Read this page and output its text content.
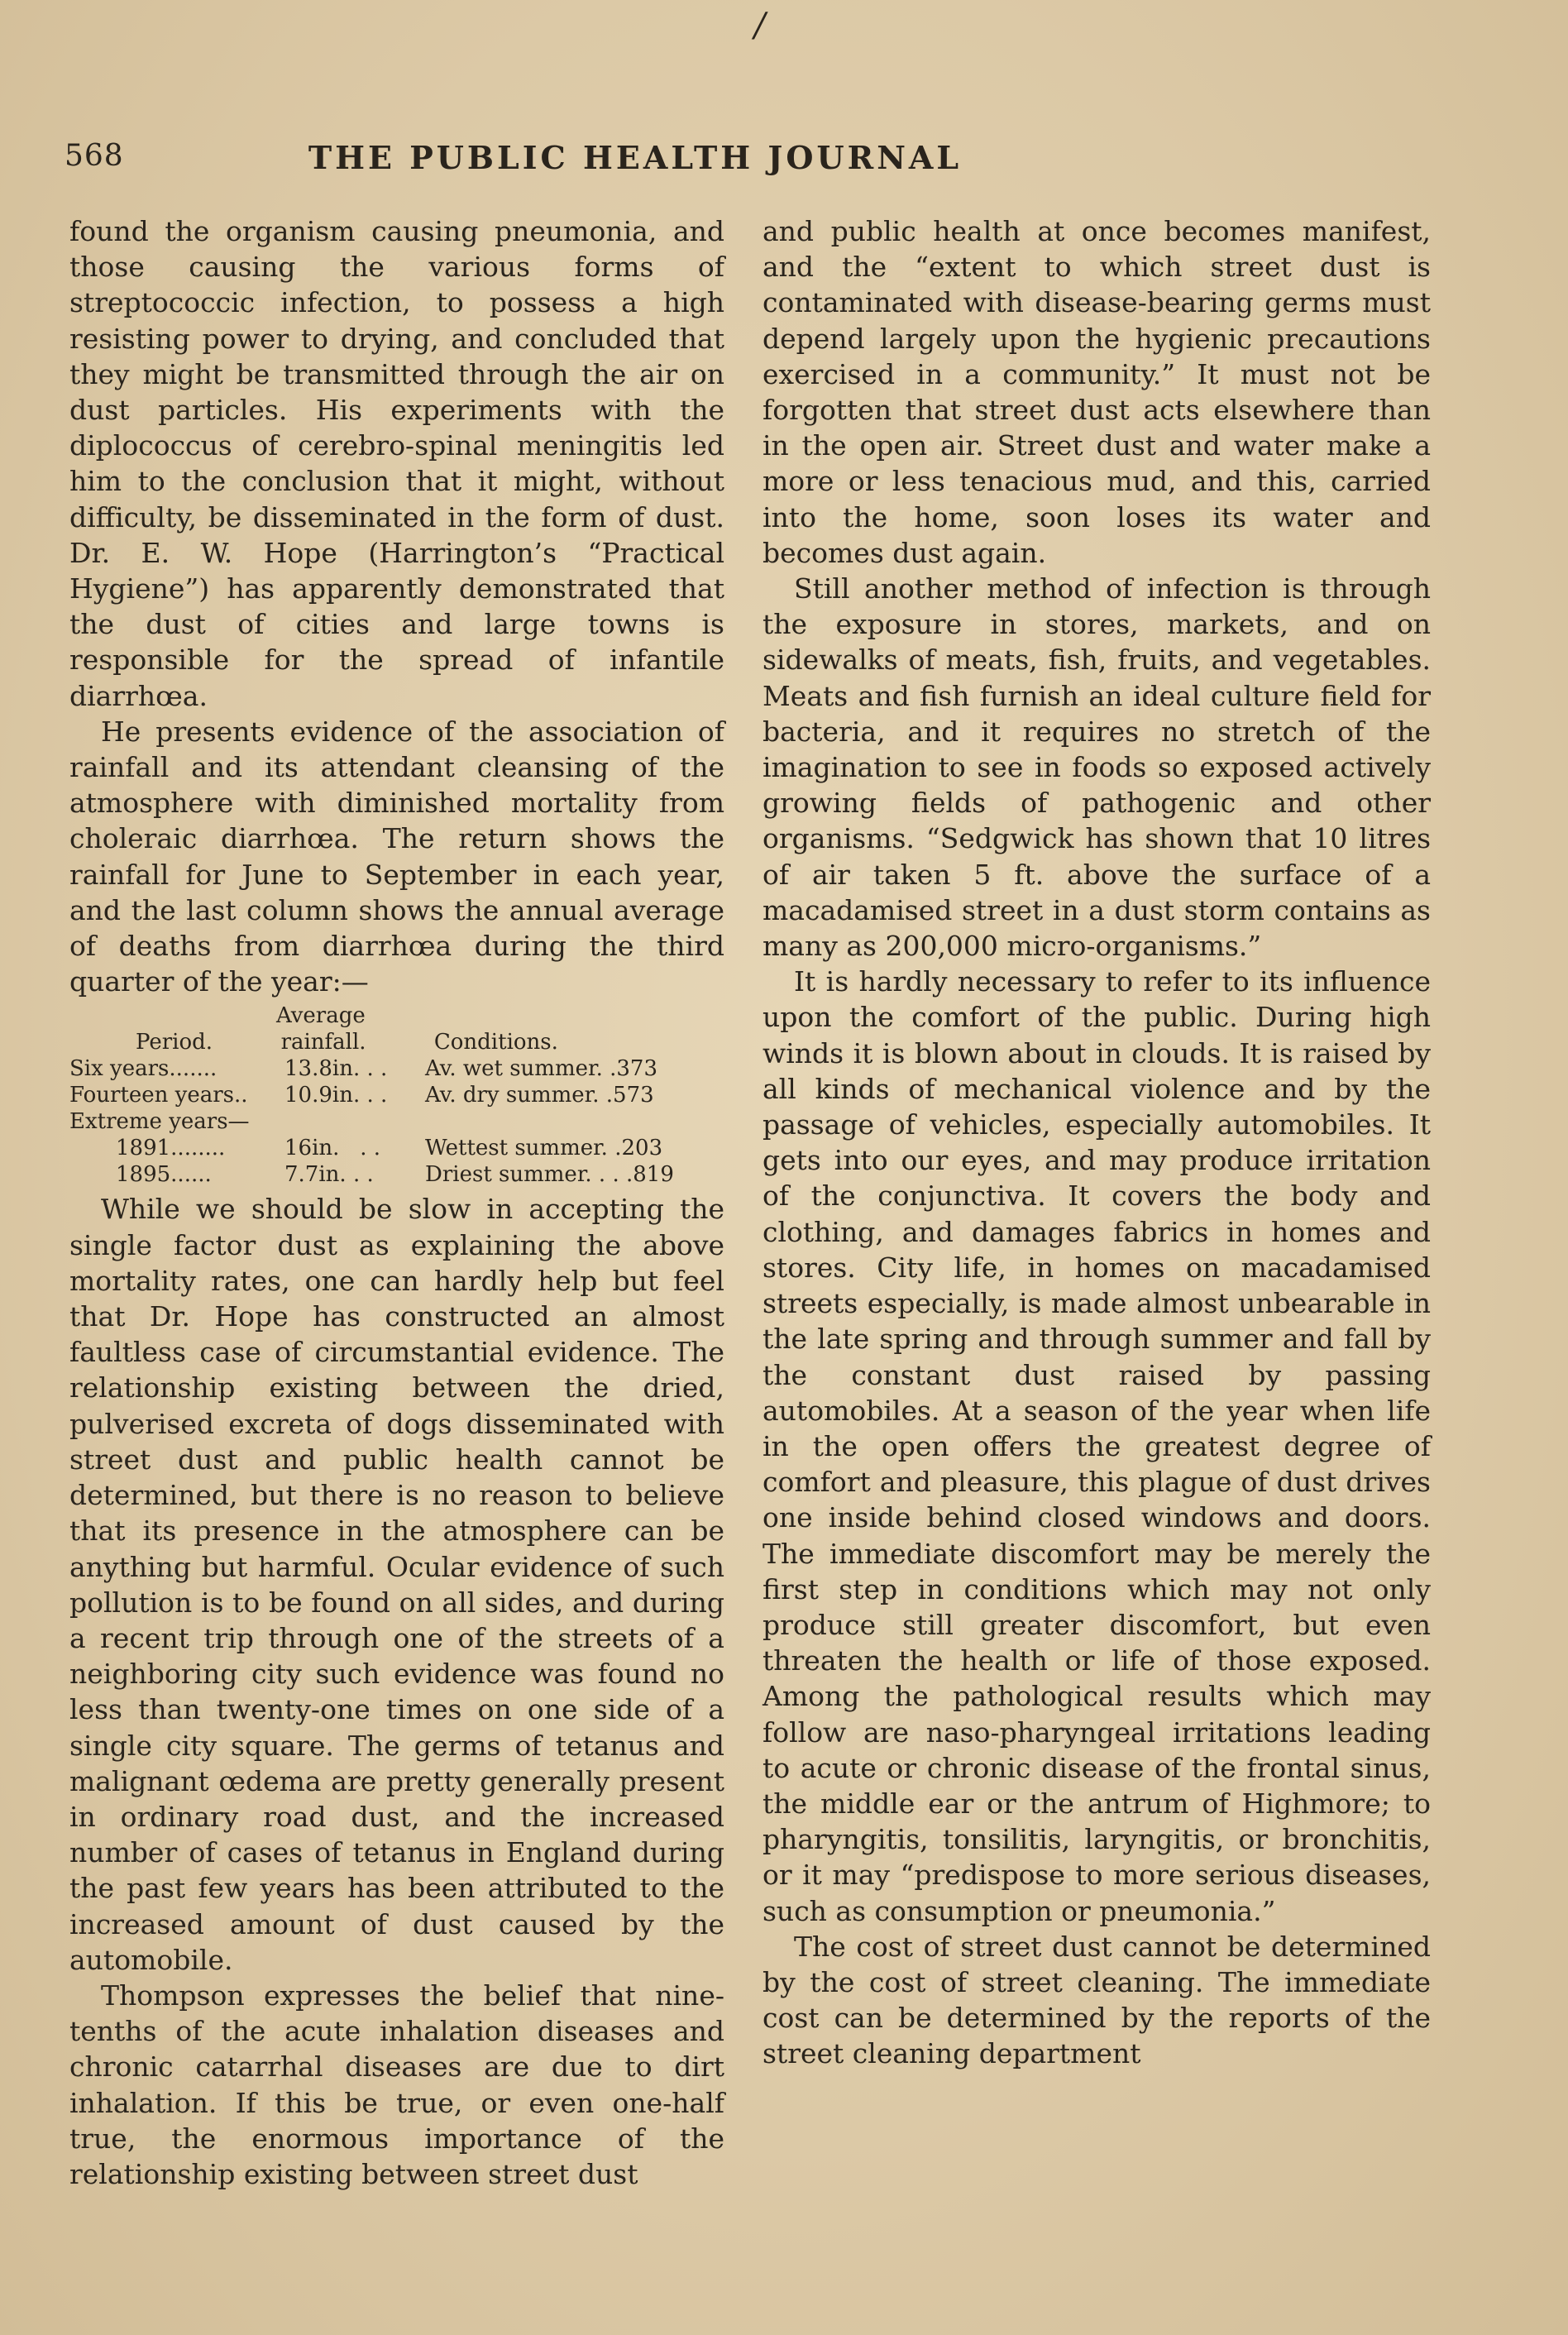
/
568	THE PUBLIC HEALTH JOURNAL

found the organism causing pneumonia, and those causing the various forms of streptococcic infection, to possess a high resisting power to drying, and concluded that they might be transmitted through the air on dust particles. His experiments with the diplococcus of cerebro-spinal meningitis led him to the conclusion that it might, without difficulty, be disseminated in the form of dust. Dr. E. W. Hope (Harrington’s “Practical Hygiene”) has apparently demonstrated that the dust of cities and large towns is responsible for the spread of infantile diarrhœa.

He presents evidence of the association of rainfall and its attendant cleansing of the atmosphere with diminished mortality from choleraic diarrhœa. The return shows the rainfall for June to September in each year, and the last column shows the annual average of deaths from diarrhœa during the third quarter of the year:—

Average
Period.	rainfall.	Conditions.
Six years.......	13.8in. . .	Av. wet summer. .373
Fourteen years..	10.9in. . .	Av. dry summer. .573
Extreme years—
1891........	16in.   . .	Wettest summer. .203
1895......	7.7in. . .	Driest summer. . . .819

While we should be slow in accepting the single factor dust as explaining the above mortality rates, one can hardly help but feel that Dr. Hope has constructed an almost faultless case of circumstantial evidence. The relationship existing between the dried, pulverised excreta of dogs disseminated with street dust and public health cannot be determined, but there is no reason to believe that its presence in the atmosphere can be anything but harmful. Ocular evidence of such pollution is to be found on all sides, and during a recent trip through one of the streets of a neighboring city such evidence was found no less than twenty-one times on one side of a single city square. The germs of tetanus and malignant œdema are pretty generally present in ordinary road dust, and the increased number of cases of tetanus in England during the past few years has been attributed to the increased amount of dust caused by the automobile.

Thompson expresses the belief that nine-tenths of the acute inhalation diseases and chronic catarrhal diseases are due to dirt inhalation. If this be true, or even one-half true, the enormous importance of the relationship existing between street dust

and public health at once becomes manifest, and the “extent to which street dust is contaminated with disease-bearing germs must depend largely upon the hygienic precautions exercised in a community.” It must not be forgotten that street dust acts elsewhere than in the open air. Street dust and water make a more or less tenacious mud, and this, carried into the home, soon loses its water and becomes dust again.

Still another method of infection is through the exposure in stores, markets, and on sidewalks of meats, fish, fruits, and vegetables. Meats and fish furnish an ideal culture field for bacteria, and it requires no stretch of the imagination to see in foods so exposed actively growing fields of pathogenic and other organisms. “Sedgwick has shown that 10 litres of air taken 5 ft. above the surface of a macadamised street in a dust storm contains as many as 200,000 micro-organisms.”

It is hardly necessary to refer to its influence upon the comfort of the public. During high winds it is blown about in clouds. It is raised by all kinds of mechanical violence and by the passage of vehicles, especially automobiles. It gets into our eyes, and may produce irritation of the conjunctiva. It covers the body and clothing, and damages fabrics in homes and stores. City life, in homes on macadamised streets especially, is made almost unbearable in the late spring and through summer and fall by the constant dust raised by passing automobiles. At a season of the year when life in the open offers the greatest degree of comfort and pleasure, this plague of dust drives one inside behind closed windows and doors. The immediate discomfort may be merely the first step in conditions which may not only produce still greater discomfort, but even threaten the health or life of those exposed. Among the pathological results which may follow are naso-pharyngeal irritations leading to acute or chronic disease of the frontal sinus, the middle ear or the antrum of Highmore; to pharyngitis, tonsilitis, laryngitis, or bronchitis, or it may “predispose to more serious diseases, such as consumption or pneumonia.”

The cost of street dust cannot be determined by the cost of street cleaning. The immediate cost can be determined by the reports of the street cleaning department
